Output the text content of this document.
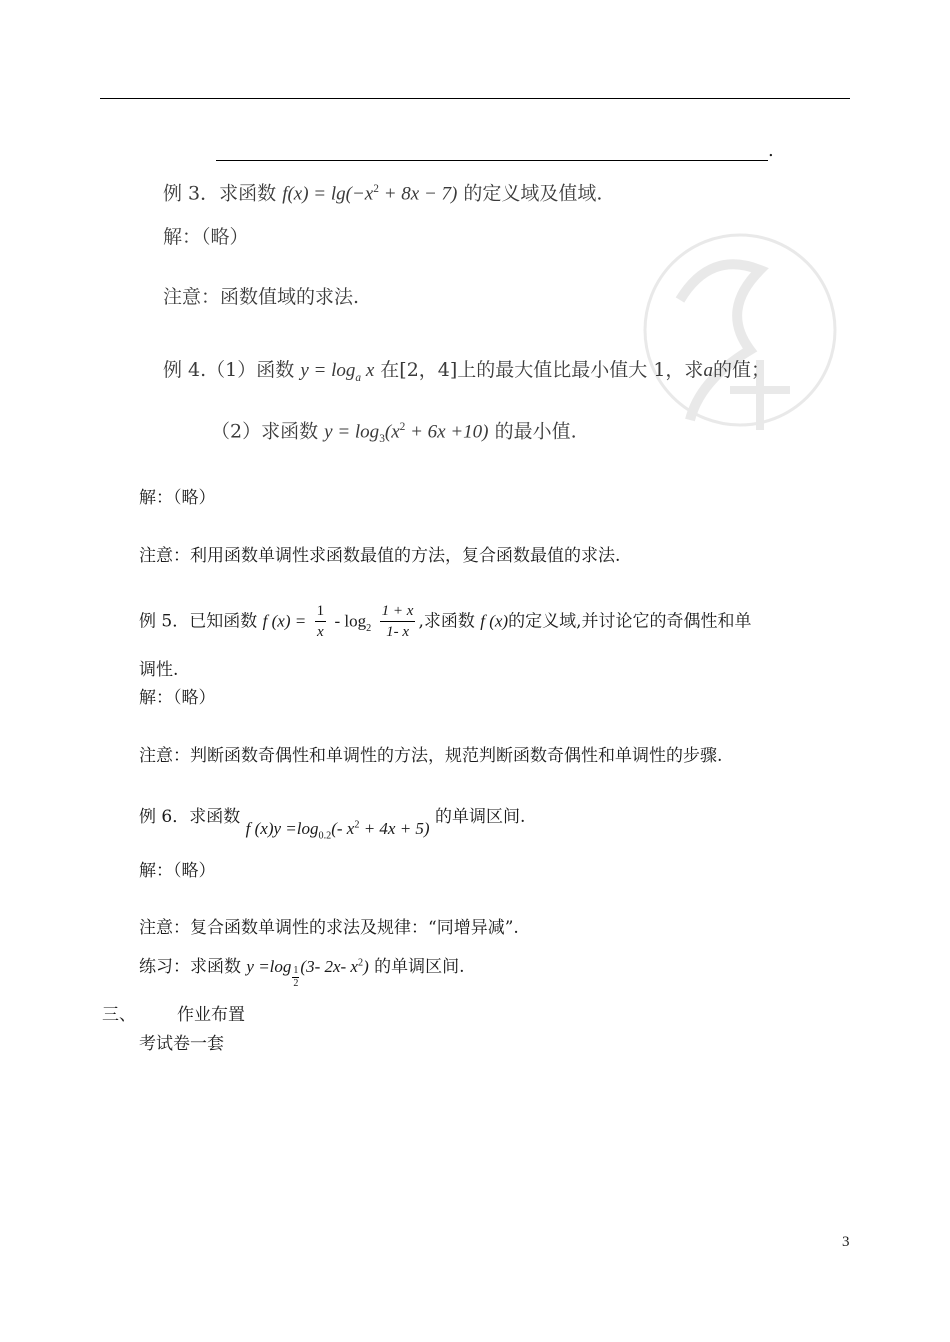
.
例 3．求函数 $f(x) = \lg(-x^2 + 8x - 7)$ 的定义域及值域.
解：（略）
注意：函数值域的求法.
例 4.（1）函数 $y = \log_a x$ 在[2，4]上的最大值比最小值大 1，求a的值；
（2）求函数 $y = \log_3(x^2 + 6x +10)$ 的最小值.
解：（略）
注意：利用函数单调性求函数最值的方法，复合函数最值的求法.
例 5．已知函数 f $(x) = \frac{1}{x} - \log_2 \frac{1 + x}{1- x}$ ,求函数 f (x)的定义域,并讨论它的奇偶性和单
调性.
解：（略）
注意：判断函数奇偶性和单调性的方法，规范判断函数奇偶性和单调性的步骤.
例 6．求函数 f $(x)y =\log_{0.2}(-$ $x^2 + 4x + 5$) 的单调区间.
解：（略）
注意：复合函数单调性的求法及规律：“同增异减”.
练习：求函数 $y =\log \frac{1}{2} (3-$ 2x- $x^2$) 的单调区间.
三、 作业布置
考试卷一套
3
